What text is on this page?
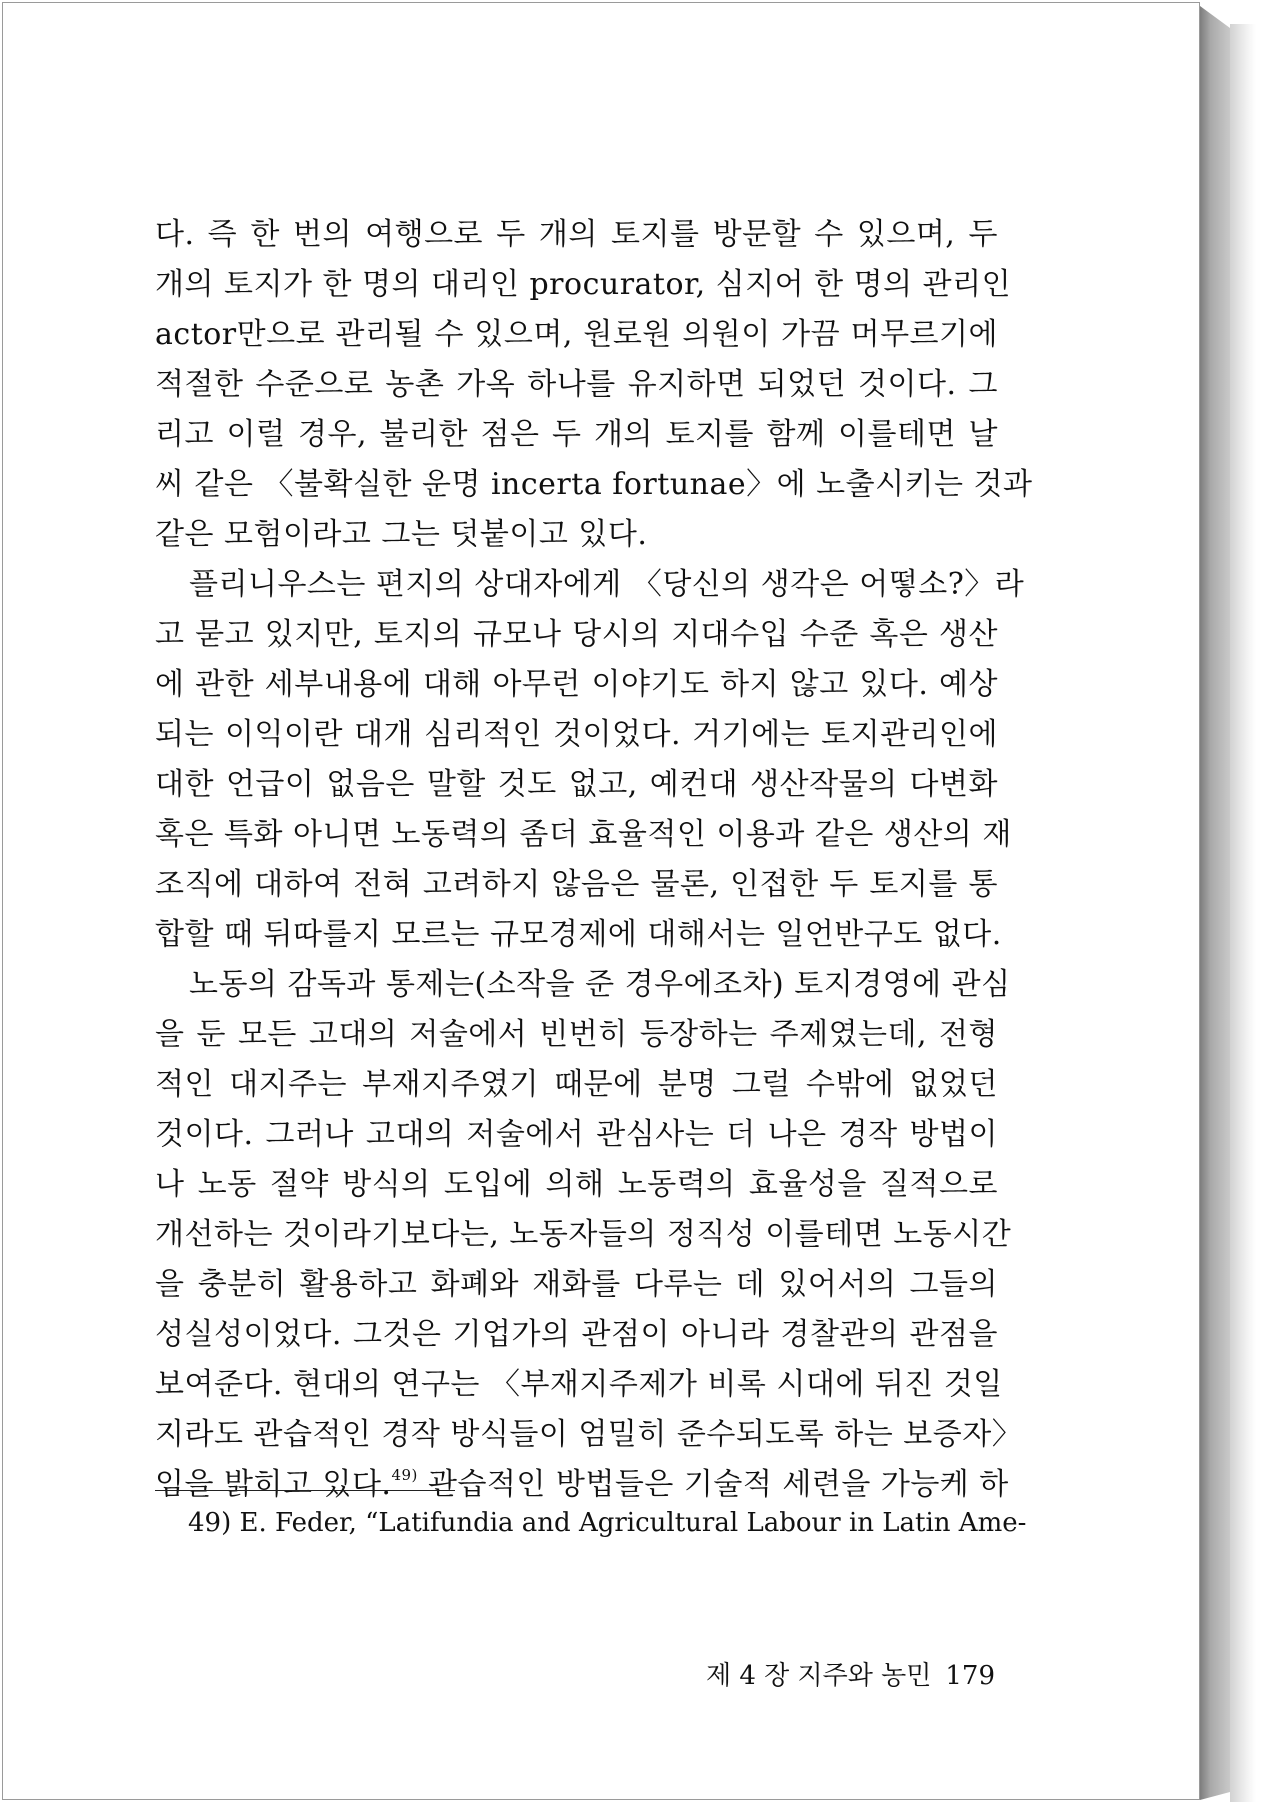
다. 즉 한 번의 여행으로 두 개의 토지를 방문할 수 있으며, 두
개의 토지가 한 명의 대리인 procurator, 심지어 한 명의 관리인
actor만으로 관리될 수 있으며, 원로원 의원이 가끔 머무르기에
적절한 수준으로 농촌 가옥 하나를 유지하면 되었던 것이다. 그
리고 이럴 경우, 불리한 점은 두 개의 토지를 함께 이를테면 날
씨 같은 〈불확실한 운명 incerta fortunae〉에 노출시키는 것과
같은 모험이라고 그는 덧붙이고 있다.
플리니우스는 편지의 상대자에게 〈당신의 생각은 어떻소?〉라
고 묻고 있지만, 토지의 규모나 당시의 지대수입 수준 혹은 생산
에 관한 세부내용에 대해 아무런 이야기도 하지 않고 있다. 예상
되는 이익이란 대개 심리적인 것이었다. 거기에는 토지관리인에
대한 언급이 없음은 말할 것도 없고, 예컨대 생산작물의 다변화
혹은 특화 아니면 노동력의 좀더 효율적인 이용과 같은 생산의 재
조직에 대하여 전혀 고려하지 않음은 물론, 인접한 두 토지를 통
합할 때 뒤따를지 모르는 규모경제에 대해서는 일언반구도 없다.
노동의 감독과 통제는(소작을 준 경우에조차) 토지경영에 관심
을 둔 모든 고대의 저술에서 빈번히 등장하는 주제였는데, 전형
적인 대지주는 부재지주였기 때문에 분명 그럴 수밖에 없었던
것이다. 그러나 고대의 저술에서 관심사는 더 나은 경작 방법이
나 노동 절약 방식의 도입에 의해 노동력의 효율성을 질적으로
개선하는 것이라기보다는, 노동자들의 정직성 이를테면 노동시간
을 충분히 활용하고 화폐와 재화를 다루는 데 있어서의 그들의
성실성이었다. 그것은 기업가의 관점이 아니라 경찰관의 관점을
보여준다. 현대의 연구는 〈부재지주제가 비록 시대에 뒤진 것일
지라도 관습적인 경작 방식들이 엄밀히 준수되도록 하는 보증자〉
임을 밝히고 있다.$^{49)}$ 관습적인 방법들은 기술적 세련을 가능케 하
49) E. Feder, “Latifundia and Agricultural Labour in Latin Ame-
제 4 장 지주와 농민 179
